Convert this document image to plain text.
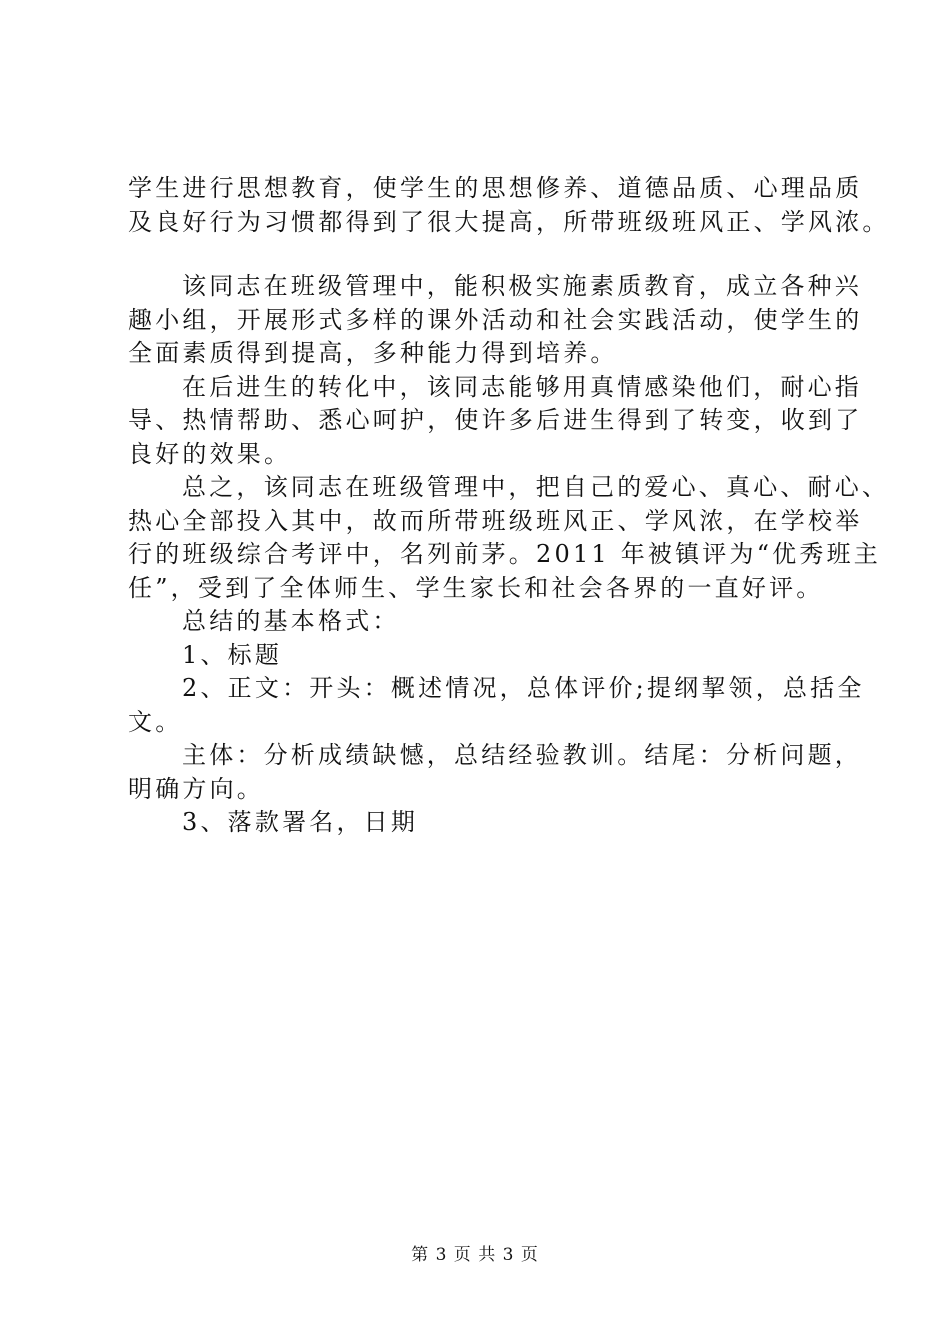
学生进行思想教育，使学生的思想修养、道德品质、心理品质
及良好行为习惯都得到了很大提高，所带班级班风正、学风浓。
该同志在班级管理中，能积极实施素质教育，成立各种兴
趣小组，开展形式多样的课外活动和社会实践活动，使学生的
全面素质得到提高，多种能力得到培养。
在后进生的转化中，该同志能够用真情感染他们，耐心指
导、热情帮助、悉心呵护，使许多后进生得到了转变，收到了
良好的效果。
总之，该同志在班级管理中，把自己的爱心、真心、耐心、
热心全部投入其中，故而所带班级班风正、学风浓，在学校举
行的班级综合考评中，名列前茅。2011 年被镇评为“优秀班主
任”，受到了全体师生、学生家长和社会各界的一直好评。
总结的基本格式：
1、标题
2、正文：开头：概述情况，总体评价;提纲挈领，总括全
文。
主体：分析成绩缺憾，总结经验教训。结尾：分析问题，
明确方向。
3、落款署名，日期
第 3 页 共 3 页
